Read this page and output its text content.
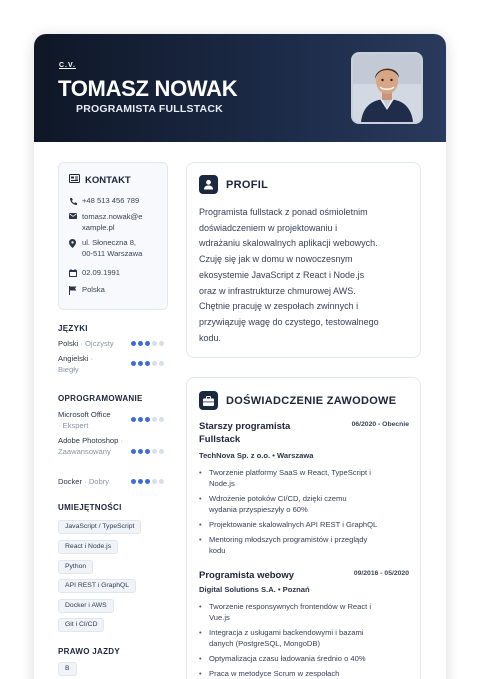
C.V.
TOMASZ NOWAK
PROGRAMISTA FULLSTACK
KONTAKT
+48 513 456 789
tomasz.nowak@e
xample.pl
ul. Słoneczna 8,
00-511 Warszawa
02.09.1991
Polska
JĘZYKI
Polski · Ojczysty
Angielski ·
Biegły
OPROGRAMOWANIE
Microsoft Office
· Ekspert
Adobe Photoshop ·
Zaawansowany
Docker · Dobry
UMIEJĘTNOŚCI
JavaScript / TypeScript
React i Node.js
Python
API REST i GraphQL
Docker i AWS
Git i CI/CD
PRAWO JAZDY
B
PROFIL
Programista fullstack z ponad ośmioletnim
doświadczeniem w projektowaniu i
wdrażaniu skalowalnych aplikacji webowych.
Czuję się jak w domu w nowoczesnym
ekosystemie JavaScript z React i Node.js
oraz w infrastrukturze chmurowej AWS.
Chętnie pracuję w zespołach zwinnych i
przywiązuję wagę do czystego, testowalnego
kodu.
DOŚWIADCZENIE ZAWODOWE
Starszy programista
Fullstack
06/2020 - Obecnie
TechNova Sp. z o.o. • Warszawa
• Tworzenie platformy SaaS w React, TypeScript i
Node.js
• Wdrożenie potoków CI/CD, dzięki czemu
wydania przyspieszyły o 60%
• Projektowanie skalowalnych API REST i GraphQL
• Mentoring młodszych programistów i przeglądy
kodu
Programista webowy	09/2016 - 05/2020
Digital Solutions S.A. • Poznań
• Tworzenie responsywnych frontendów w React i
Vue.js
• Integracja z usługami backendowymi i bazami
danych (PostgreSQL, MongoDB)
• Optymalizacja czasu ładowania średnio o 40%
• Praca w metodyce Scrum w zespołach
